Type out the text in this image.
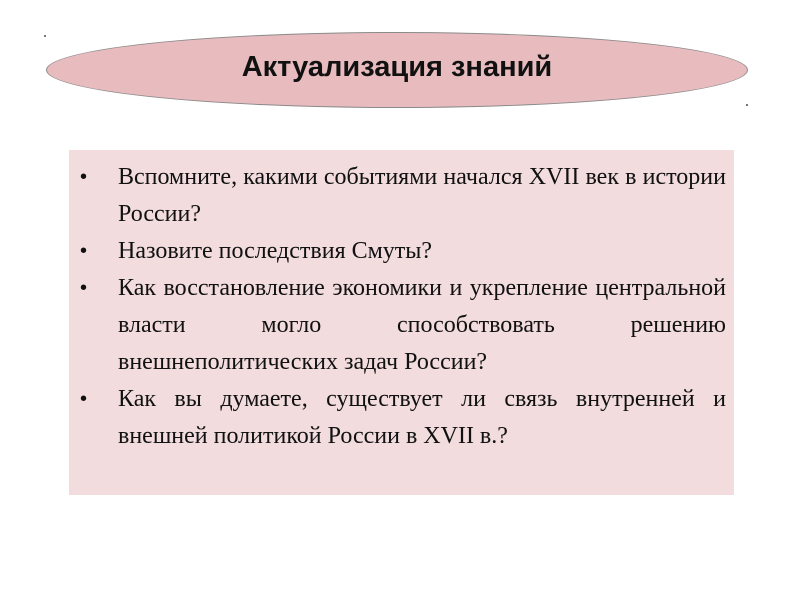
Актуализация знаний
•	Вспомните, какими событиями начался XVII век в истории России?
•	Назовите последствия Смуты?
•	Как восстановление экономики и укрепление центральной власти могло способствовать решению внешнеполитических задач России?
•	Как вы думаете, существует ли связь внутренней и внешней политикой России в XVII в.?
